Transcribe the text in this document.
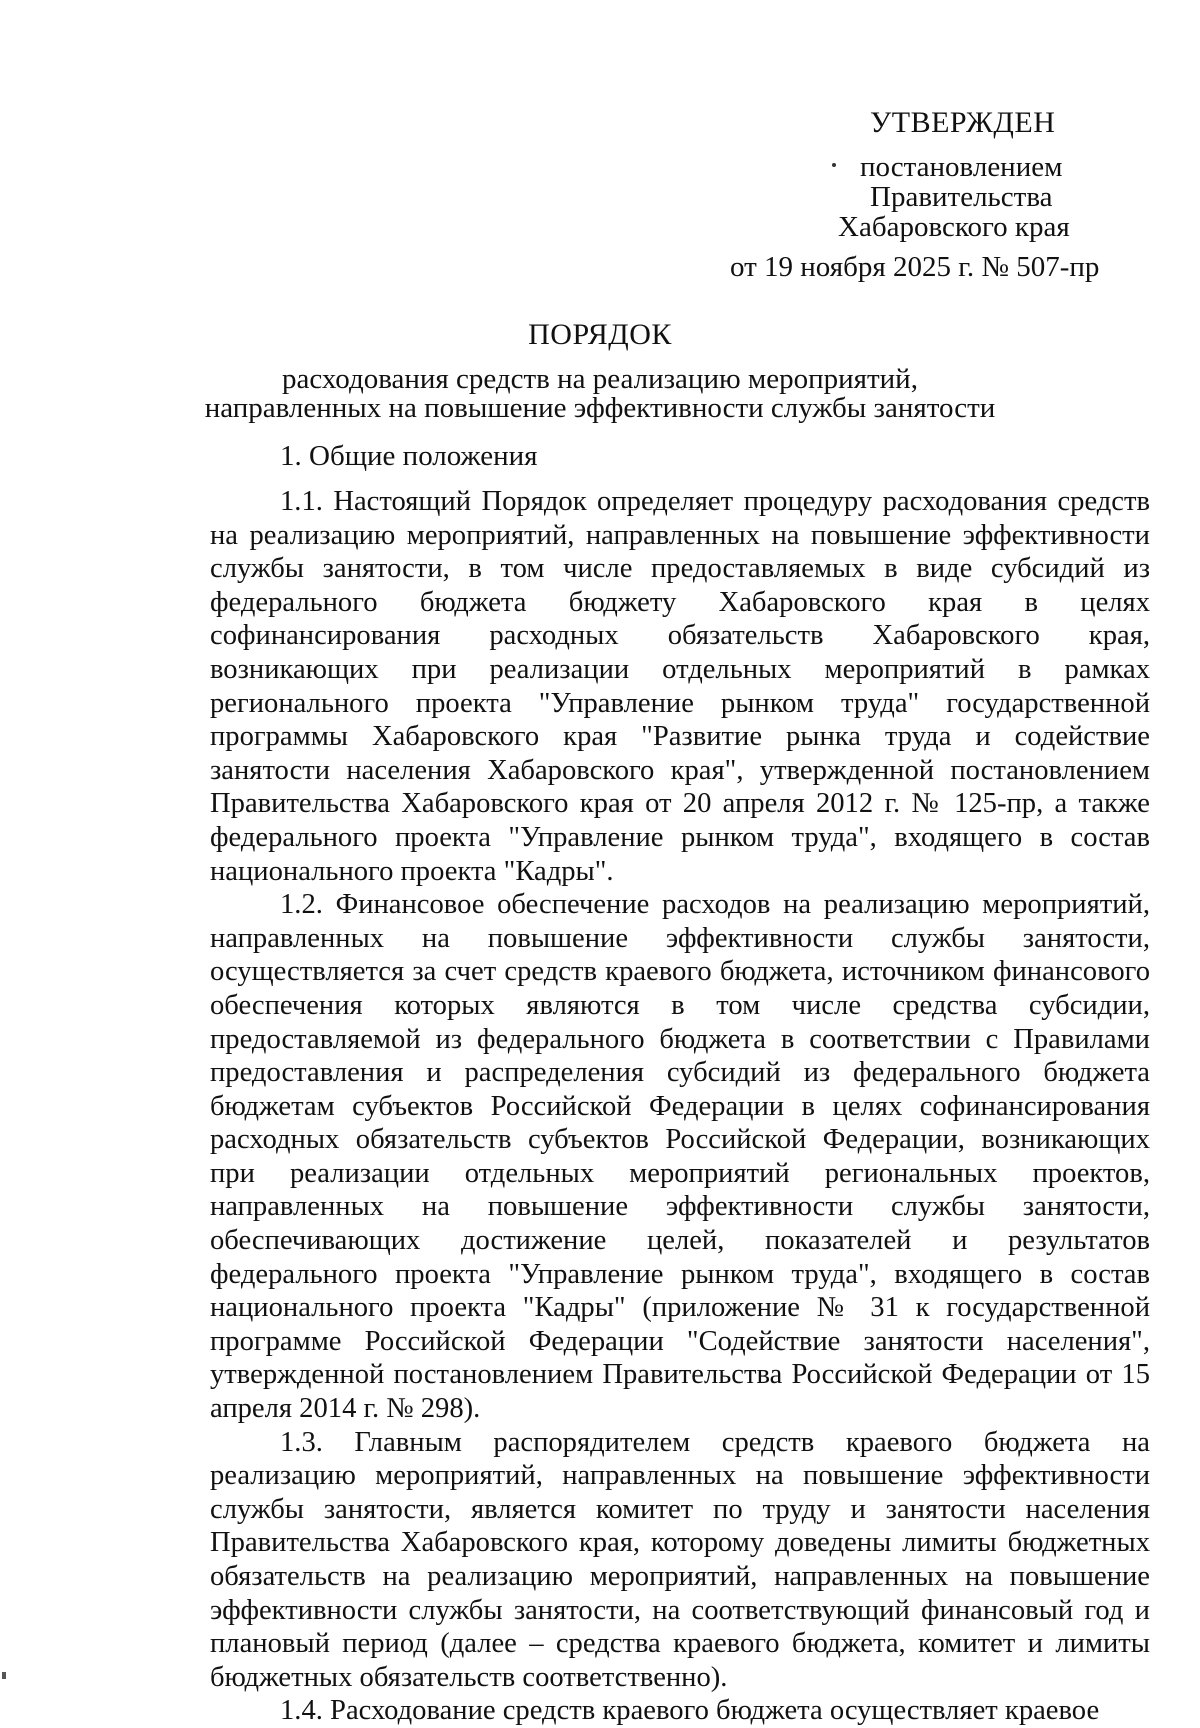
УТВЕРЖДЕН
постановлением
Правительства
Хабаровского края
от 19 ноября 2025 г. № 507-пр
ПОРЯДОК
расходования средств на реализацию мероприятий,
направленных на повышение эффективности службы занятости
1. Общие положения

1.1. Настоящий Порядок определяет процедуру расходования средств на реализацию мероприятий, направленных на повышение эффективности службы занятости, в том числе предоставляемых в виде субсидий из федерального бюджета бюджету Хабаровского края в целях софинансирования расходных обязательств Хабаровского края, возникающих при реализации отдельных мероприятий в рамках регионального проекта "Управление рынком труда" государственной программы Хабаровского края "Развитие рынка труда и содействие занятости населения Хабаровского края", утвержденной постановлением Правительства Хабаровского края от 20 апреля 2012 г. № 125-пр, а также федерального проекта "Управление рынком труда", входящего в состав национального проекта "Кадры".

1.2. Финансовое обеспечение расходов на реализацию мероприятий, направленных на повышение эффективности службы занятости, осуществляется за счет средств краевого бюджета, источником финансового обеспечения которых являются в том числе средства субсидии, предоставляемой из федерального бюджета в соответствии с Правилами предоставления и распределения субсидий из федерального бюджета бюджетам субъектов Российской Федерации в целях софинансирования расходных обязательств субъектов Российской Федерации, возникающих при реализации отдельных мероприятий региональных проектов, направленных на повышение эффективности службы занятости, обеспечивающих достижение целей, показателей и результатов федерального проекта "Управление рынком труда", входящего в состав национального проекта "Кадры" (приложение № 31 к государственной программе Российской Федерации "Содействие занятости населения", утвержденной постановлением Правительства Российской Федерации от 15 апреля 2014 г. № 298).

1.3. Главным распорядителем средств краевого бюджета на реализацию мероприятий, направленных на повышение эффективности службы занятости, является комитет по труду и занятости населения Правительства Хабаровского края, которому доведены лимиты бюджетных обязательств на реализацию мероприятий, направленных на повышение эффективности службы занятости, на соответствующий финансовый год и плановый период (далее – средства краевого бюджета, комитет и лимиты бюджетных обязательств соответственно).

1.4. Расходование средств краевого бюджета осуществляет краевое
